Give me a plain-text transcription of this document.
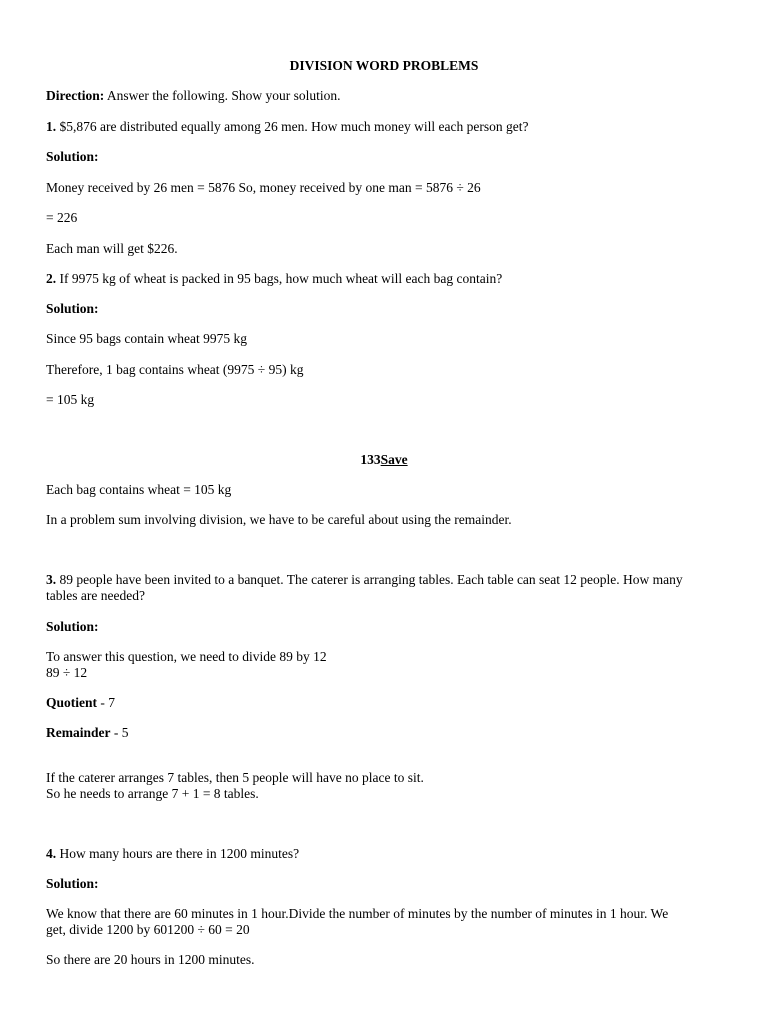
DIVISION WORD PROBLEMS
Direction: Answer the following. Show your solution.
1. $5,876 are distributed equally among 26 men. How much money will each person get?
Solution:
Money received by 26 men = 5876 So, money received by one man = 5876 ÷ 26
= 226
Each man will get $226.
2. If 9975 kg of wheat is packed in 95 bags, how much wheat will each bag contain?
Solution:
Since 95 bags contain wheat 9975 kg
Therefore, 1 bag contains wheat (9975 ÷ 95) kg
= 105 kg
133Save
Each bag contains wheat = 105 kg
In a problem sum involving division, we have to be careful about using the remainder.
3. 89 people have been invited to a banquet. The caterer is arranging tables. Each table can seat 12 people. How many
tables are needed?
Solution:
To answer this question, we need to divide 89 by 12
89 ÷ 12
Quotient - 7
Remainder - 5
If the caterer arranges 7 tables, then 5 people will have no place to sit.
So he needs to arrange 7 + 1 = 8 tables.
4. How many hours are there in 1200 minutes?
Solution:
We know that there are 60 minutes in 1 hour.Divide the number of minutes by the number of minutes in 1 hour. We
get, divide 1200 by 601200 ÷ 60 = 20
So there are 20 hours in 1200 minutes.
